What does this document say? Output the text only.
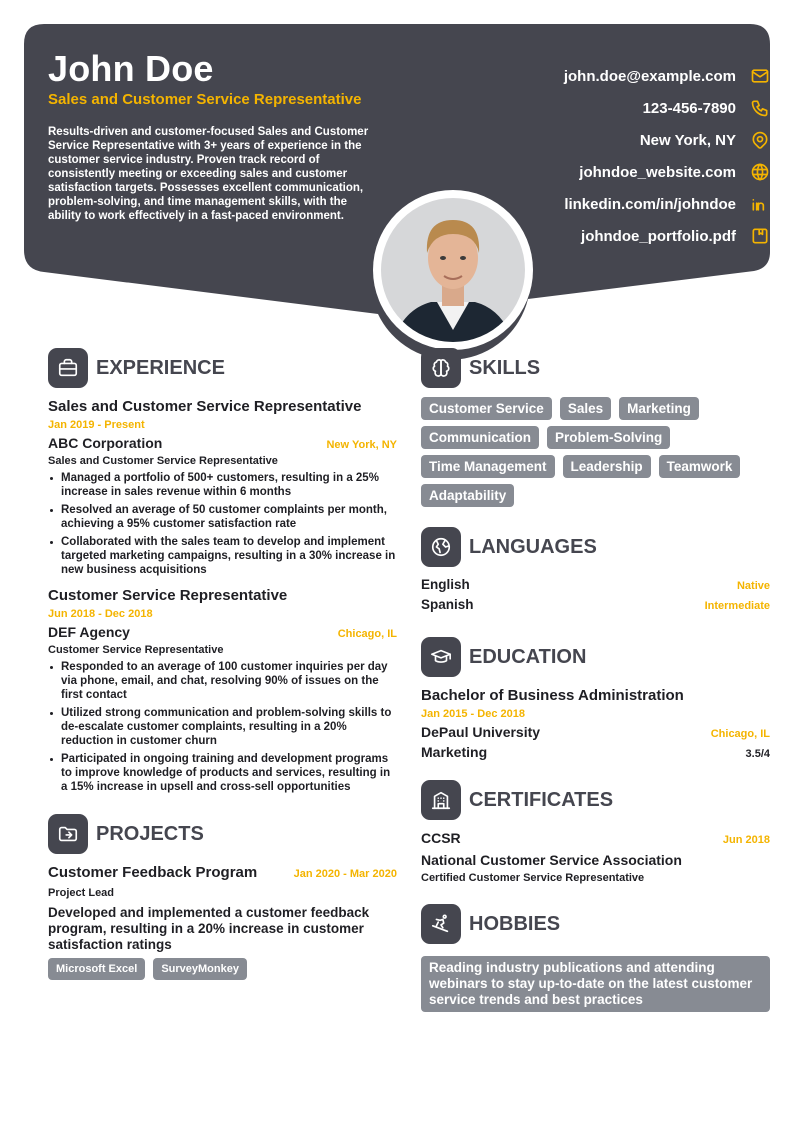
John Doe
Sales and Customer Service Representative
Results-driven and customer-focused Sales and Customer Service Representative with 3+ years of experience in the customer service industry. Proven track record of consistently meeting or exceeding sales and customer satisfaction targets. Possesses excellent communication, problem-solving, and time management skills, with the ability to work effectively in a fast-paced environment.
john.doe@example.com
123-456-7890
New York, NY
johndoe_website.com
linkedin.com/in/johndoe
johndoe_portfolio.pdf
EXPERIENCE
Sales and Customer Service Representative
Jan 2019 - Present
ABC Corporation	New York, NY
Sales and Customer Service Representative
Managed a portfolio of 500+ customers, resulting in a 25% increase in sales revenue within 6 months
Resolved an average of 50 customer complaints per month, achieving a 95% customer satisfaction rate
Collaborated with the sales team to develop and implement targeted marketing campaigns, resulting in a 30% increase in new business acquisitions
Customer Service Representative
Jun 2018 - Dec 2018
DEF Agency	Chicago, IL
Customer Service Representative
Responded to an average of 100 customer inquiries per day via phone, email, and chat, resolving 90% of issues on the first contact
Utilized strong communication and problem-solving skills to de-escalate customer complaints, resulting in a 20% reduction in customer churn
Participated in ongoing training and development programs to improve knowledge of products and services, resulting in a 15% increase in upsell and cross-sell opportunities
PROJECTS
Customer Feedback Program	Jan 2020 - Mar 2020
Project Lead
Developed and implemented a customer feedback program, resulting in a 20% increase in customer satisfaction ratings
Microsoft Excel	SurveyMonkey
SKILLS
Customer Service	Sales	Marketing
Communication	Problem-Solving
Time Management	Leadership	Teamwork
Adaptability
LANGUAGES
English	Native
Spanish	Intermediate
EDUCATION
Bachelor of Business Administration
Jan 2015 - Dec 2018
DePaul University	Chicago, IL
Marketing	3.5/4
CERTIFICATES
CCSR	Jun 2018
National Customer Service Association
Certified Customer Service Representative
HOBBIES
Reading industry publications and attending webinars to stay up-to-date on the latest customer service trends and best practices
